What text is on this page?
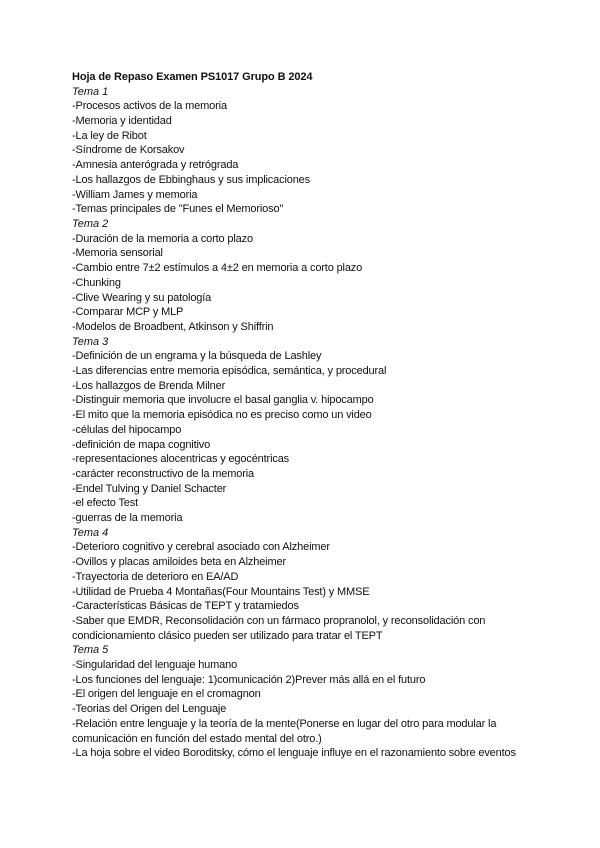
Hoja de Repaso Examen PS1017 Grupo B 2024
Tema 1
-Procesos activos de la memoria
-Memoria y identidad
-La ley de Ribot
-Síndrome de Korsakov
-Amnesia anterógrada y retrógrada
-Los hallazgos de Ebbinghaus y sus implicaciones
-William James y memoria
-Temas principales de "Funes el Memorioso"
Tema 2
-Duración de la memoria a corto plazo
-Memoria sensorial
-Cambio entre 7±2 estímulos a 4±2 en memoria a corto plazo
-Chunking
-Clive Wearing y su patología
-Comparar MCP y MLP
-Modelos de Broadbent, Atkinson y Shiffrin
Tema 3
-Definición de un engrama y la búsqueda de Lashley
-Las diferencias entre memoria episódica, semántica, y procedural
-Los hallazgos de Brenda Milner
-Distinguir memoria que involucre el basal ganglia v. hipocampo
-El mito que la memoria episódica no es preciso como un video
-células del hipocampo
-definición de mapa cognitivo
-representaciones alocentricas y egocéntricas
-carácter reconstructivo de la memoria
-Endel Tulving y Daniel Schacter
-el efecto Test
-guerras de la memoria
Tema 4
-Deterioro cognitivo y cerebral asociado con Alzheimer
-Ovillos y placas amiloides beta en Alzheimer
-Trayectoria de deterioro en EA/AD
-Utilidad de Prueba 4 Montañas(Four Mountains Test) y MMSE
-Características Básicas de TEPT y tratamiedos
-Saber que EMDR, Reconsolidación con un fármaco propranolol, y reconsolidación con condicionamiento clásico pueden ser utilizado para tratar el TEPT
Tema 5
-Singularidad del lenguaje humano
-Los funciones del lenguaje: 1)comunicación 2)Prever más allá en el futuro
-El origen del lenguaje en el cromagnon
-Teorias del Origen del Lenguaje
-Relación entre lenguaje y la teoría de la mente(Ponerse en lugar del otro para modular la comunicación en función del estado mental del otro.)
-La hoja sobre el video Boroditsky, cómo el lenguaje influye en el razonamiento sobre eventos
